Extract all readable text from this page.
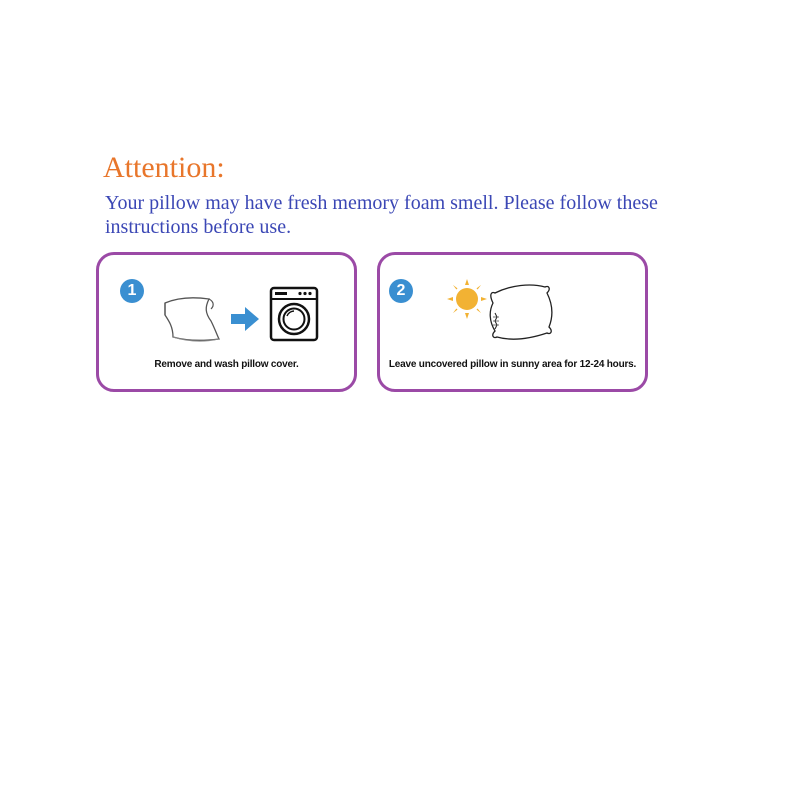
Attention:
Your pillow may have fresh memory foam smell. Please follow these instructions before use.
1
Remove and wash pillow cover.
2
Leave uncovered pillow in sunny area for 12-24 hours.
